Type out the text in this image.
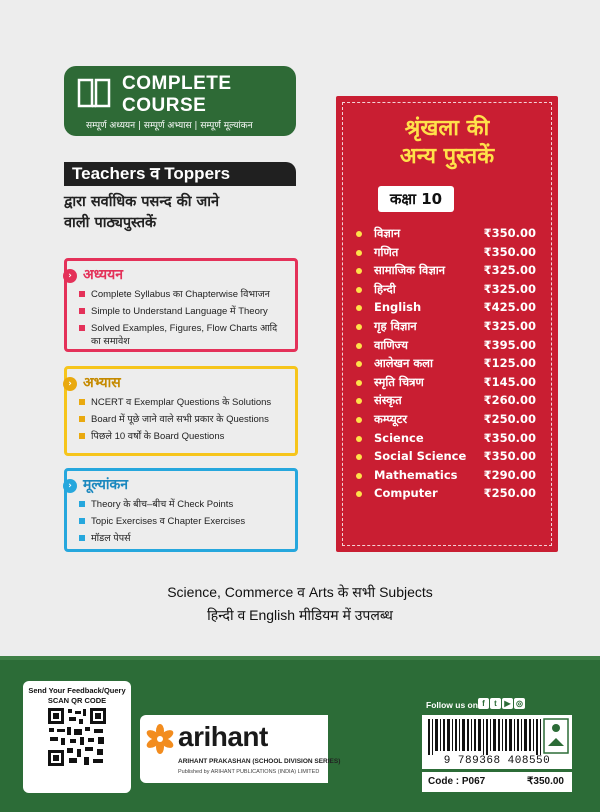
COMPLETE
COURSE
सम्पूर्ण अध्ययन | सम्पूर्ण अभ्यास | सम्पूर्ण मूल्यांकन
Teachers व Toppers
द्वारा सर्वाधिक पसन्द की जाने
वाली पाठ्यपुस्तकें
› अध्ययन
Complete Syllabus का Chapterwise विभाजन
Simple to Understand Language में Theory
Solved Examples, Figures, Flow Charts आदि का समावेश
› अभ्यास
NCERT व Exemplar Questions के Solutions
Board में पूछे जाने वाले सभी प्रकार के Questions
पिछले 10 वर्षों के Board Questions
› मूल्यांकन
Theory के बीच–बीच में Check Points
Topic Exercises व Chapter Exercises
मॉडल पेपर्स
श्रृंखला की
अन्य पुस्तकें
कक्षा 10
विज्ञान	₹350.00
गणित	₹350.00
सामाजिक विज्ञान	₹325.00
हिन्दी	₹325.00
English	₹425.00
गृह विज्ञान	₹325.00
वाणिज्य	₹395.00
आलेखन कला	₹125.00
स्मृति चित्रण	₹145.00
संस्कृत	₹260.00
कम्प्यूटर	₹250.00
Science	₹350.00
Social Science ₹350.00
Mathematics ₹290.00
Computer	₹250.00
Science, Commerce व Arts के सभी Subjects
हिन्दी व English मीडियम में उपलब्ध
Send Your Feedback/Query
SCAN QR CODE
arihant
ARIHANT PRAKASHAN (SCHOOL DIVISION SERIES)
Published by ARIHANT PUBLICATIONS (INDIA) LIMITED
Follow us on f t ▶ ◎
9 789368 408550
Code : P067	₹350.00
